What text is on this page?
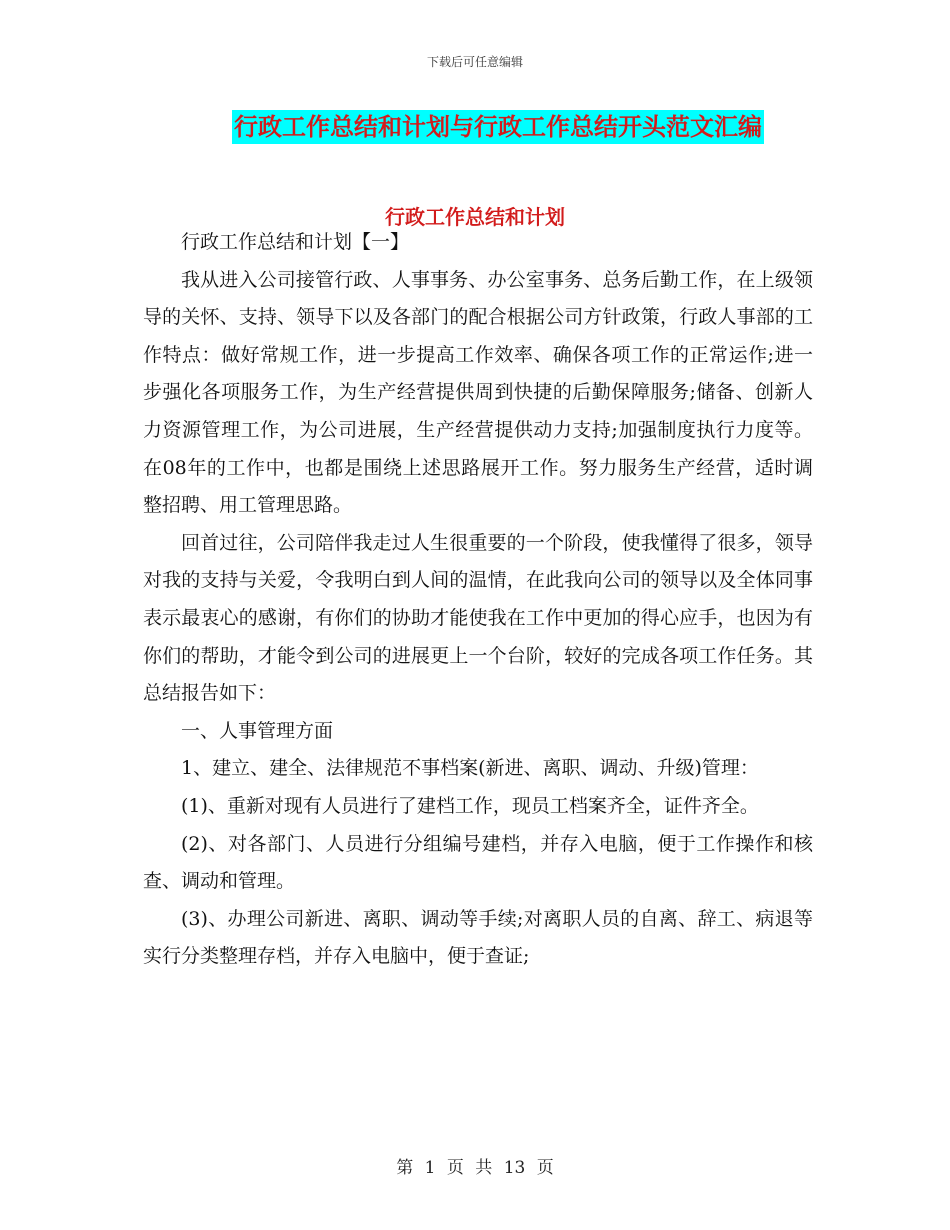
下载后可任意编辑
行政工作总结和计划与行政工作总结开头范文汇编
行政工作总结和计划

行政工作总结和计划【一】

我从进入公司接管行政、人事事务、办公室事务、总务后勤工作，在上级领导的关怀、支持、领导下以及各部门的配合根据公司方针政策，行政人事部的工作特点：做好常规工作，进一步提高工作效率、确保各项工作的正常运作;进一步强化各项服务工作，为生产经营提供周到快捷的后勤保障服务;储备、创新人力资源管理工作，为公司进展，生产经营提供动力支持;加强制度执行力度等。在08年的工作中，也都是围绕上述思路展开工作。努力服务生产经营，适时调整招聘、用工管理思路。

回首过往，公司陪伴我走过人生很重要的一个阶段，使我懂得了很多，领导对我的支持与关爱，令我明白到人间的温情，在此我向公司的领导以及全体同事表示最衷心的感谢，有你们的协助才能使我在工作中更加的得心应手，也因为有你们的帮助，才能令到公司的进展更上一个台阶，较好的完成各项工作任务。其总结报告如下：

一、人事管理方面

1、建立、建全、法律规范不事档案(新进、离职、调动、升级)管理：

(1)、重新对现有人员进行了建档工作，现员工档案齐全，证件齐全。

(2)、对各部门、人员进行分组编号建档，并存入电脑，便于工作操作和核查、调动和管理。

(3)、办理公司新进、离职、调动等手续;对离职人员的自离、辞工、病退等实行分类整理存档，并存入电脑中，便于查证;

第 1 页 共 13 页
